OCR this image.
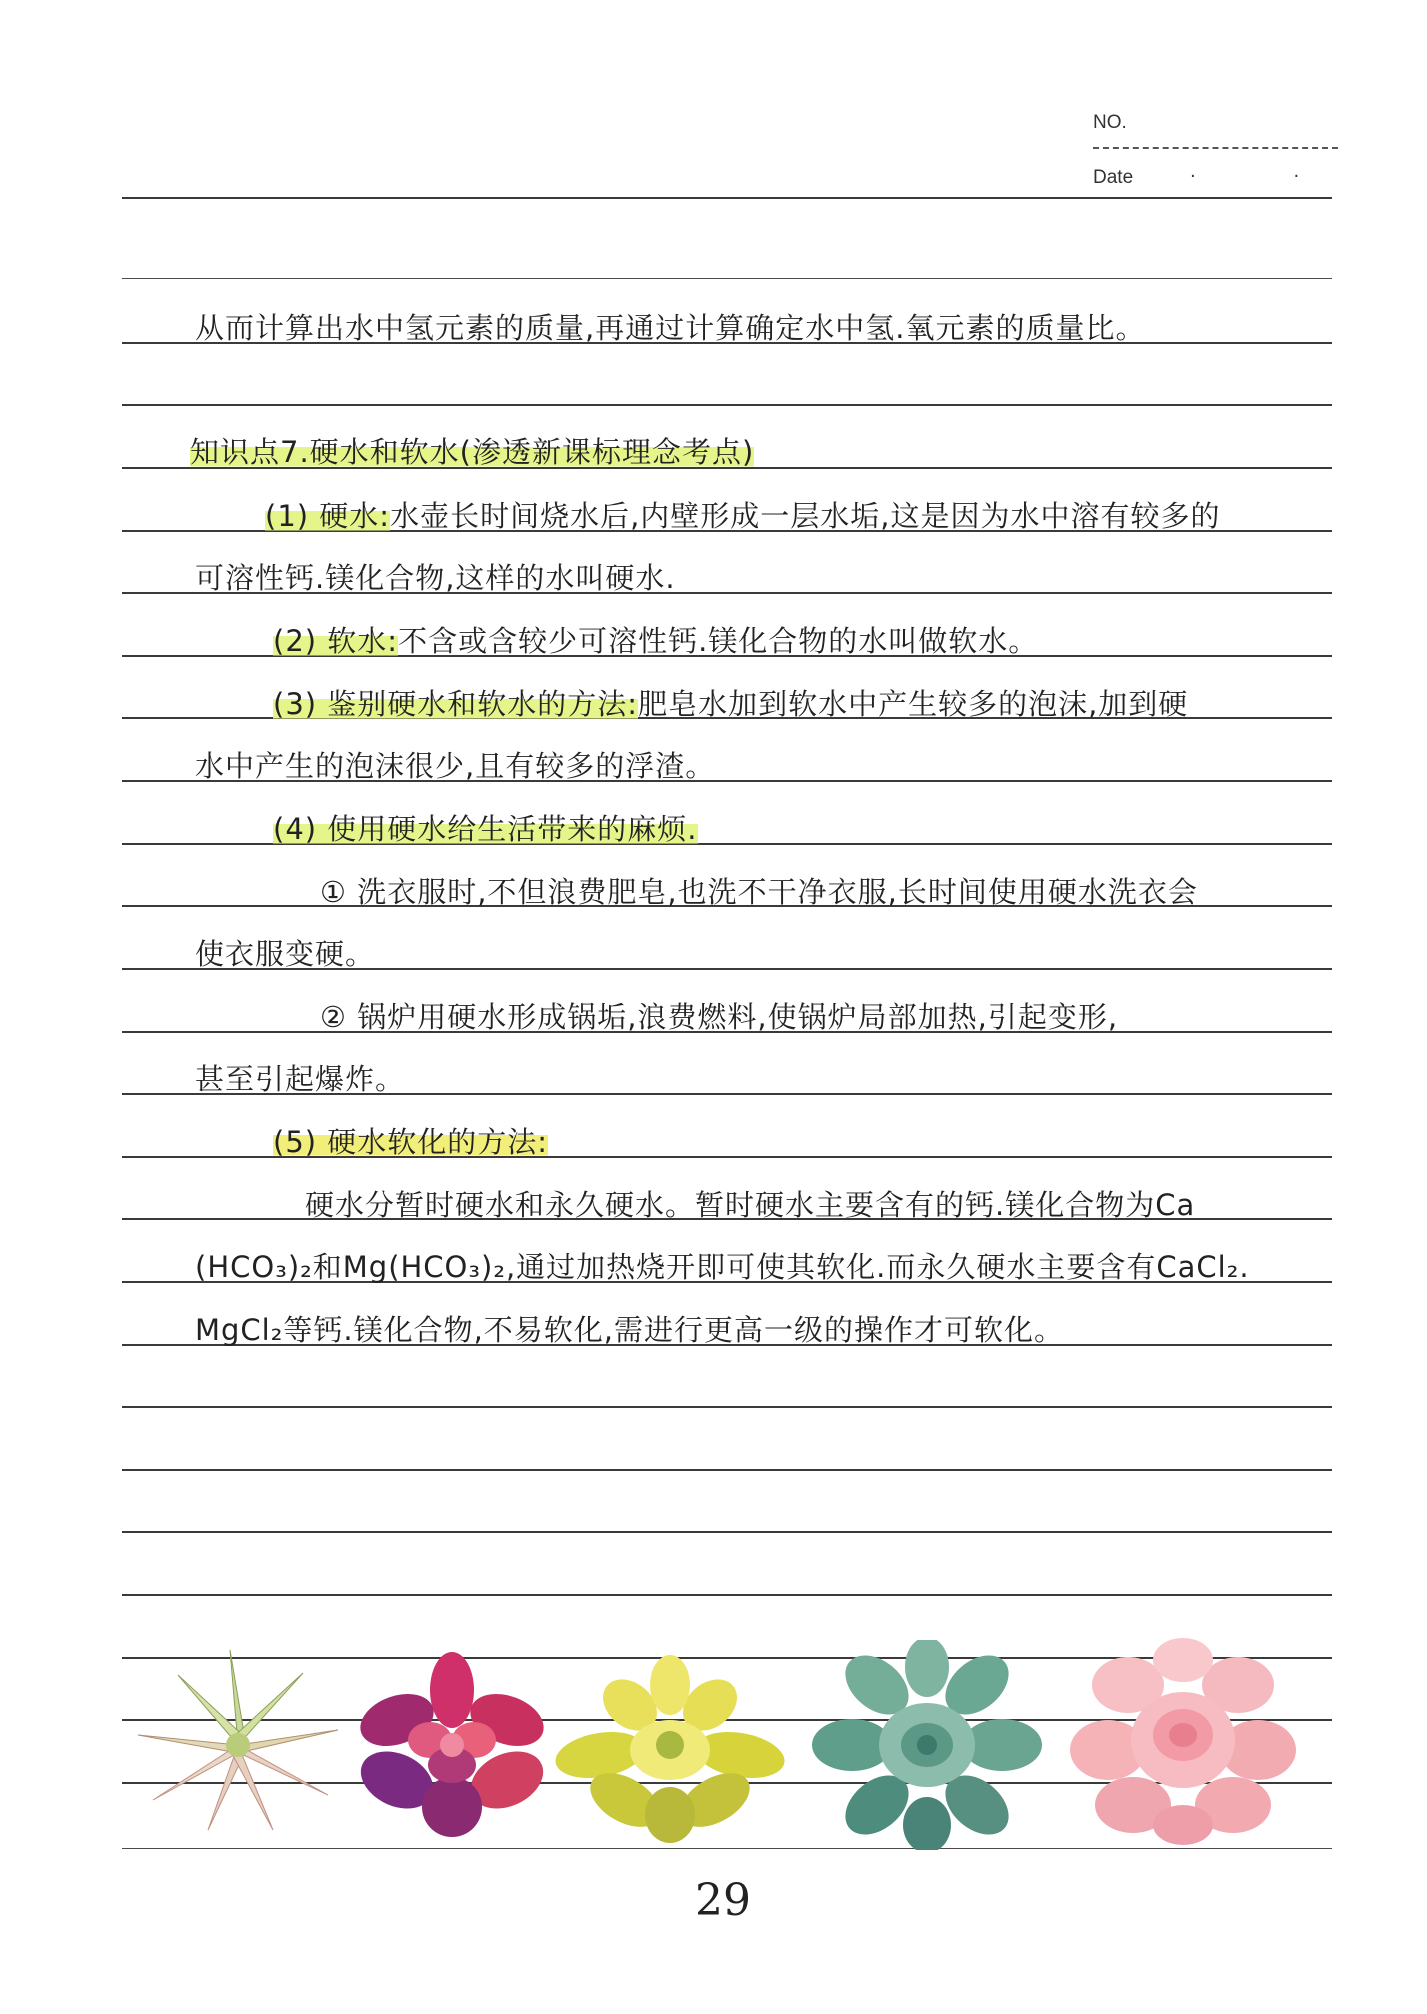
NO.
Date	· ·
从而计算出水中氢元素的质量,再通过计算确定水中氢.氧元素的质量比。
知识点7.硬水和软水(渗透新课标理念考点)
(1) 硬水:水壶长时间烧水后,内壁形成一层水垢,这是因为水中溶有较多的
可溶性钙.镁化合物,这样的水叫硬水.
(2) 软水:不含或含较少可溶性钙.镁化合物的水叫做软水。
(3) 鉴别硬水和软水的方法:肥皂水加到软水中产生较多的泡沫,加到硬
水中产生的泡沫很少,且有较多的浮渣。
(4) 使用硬水给生活带来的麻烦.
① 洗衣服时,不但浪费肥皂,也洗不干净衣服,长时间使用硬水洗衣会
使衣服变硬。
② 锅炉用硬水形成锅垢,浪费燃料,使锅炉局部加热,引起变形,
甚至引起爆炸。
(5) 硬水软化的方法:
硬水分暂时硬水和永久硬水。暂时硬水主要含有的钙.镁化合物为Ca
(HCO₃)₂和Mg(HCO₃)₂,通过加热烧开即可使其软化.而永久硬水主要含有CaCl₂.
MgCl₂等钙.镁化合物,不易软化,需进行更高一级的操作才可软化。
29
